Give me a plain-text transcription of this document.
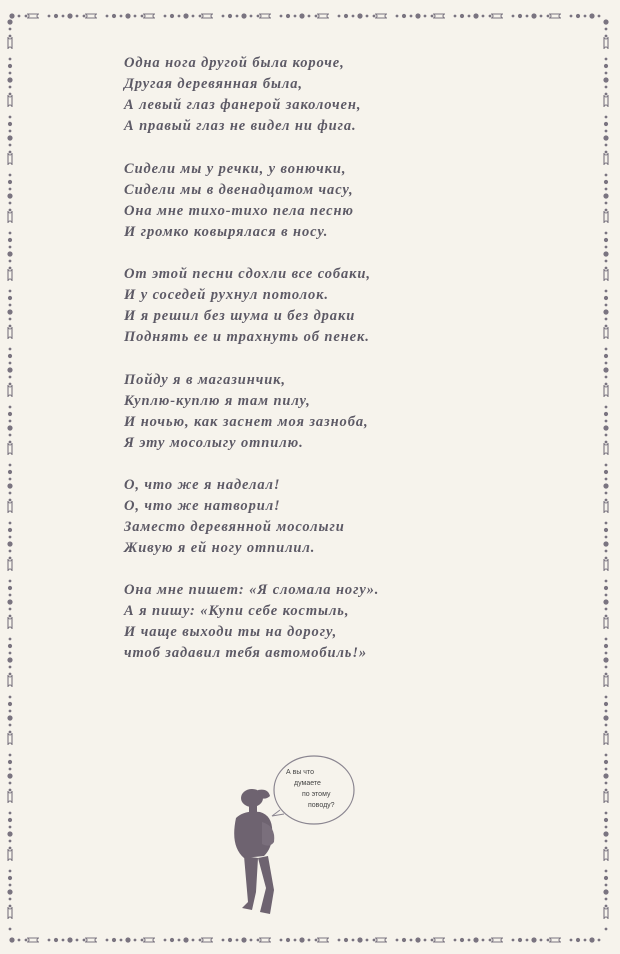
Одна нога другой была короче,
Другая деревянная была,
А левый глаз фанерой заколочен,
А правый глаз не видел ни фига.
Сидели мы у речки, у вонючки,
Сидели мы в двенадцатом часу,
Она мне тихо-тихо пела песню
И громко ковырялася в носу.
От этой песни сдохли все собаки,
И у соседей рухнул потолок.
И я решил без шума и без драки
Поднять ее и трахнуть об пенек.
Пойду я в магазинчик,
Куплю-куплю я там пилу,
И ночью, как заснет моя зазноба,
Я эту мосолыгу отпилю.
О, что же я наделал!
О, что же натворил!
Заместо деревянной мосолыги
Живую я ей ногу отпилил.
Она мне пишет: «Я сломала ногу».
А я пишу: «Купи себе костыль,
И чаще выходи ты на дорогу,
чтоб задавил тебя автомобиль!»
А вы что
думаете
по этому
поводу?
